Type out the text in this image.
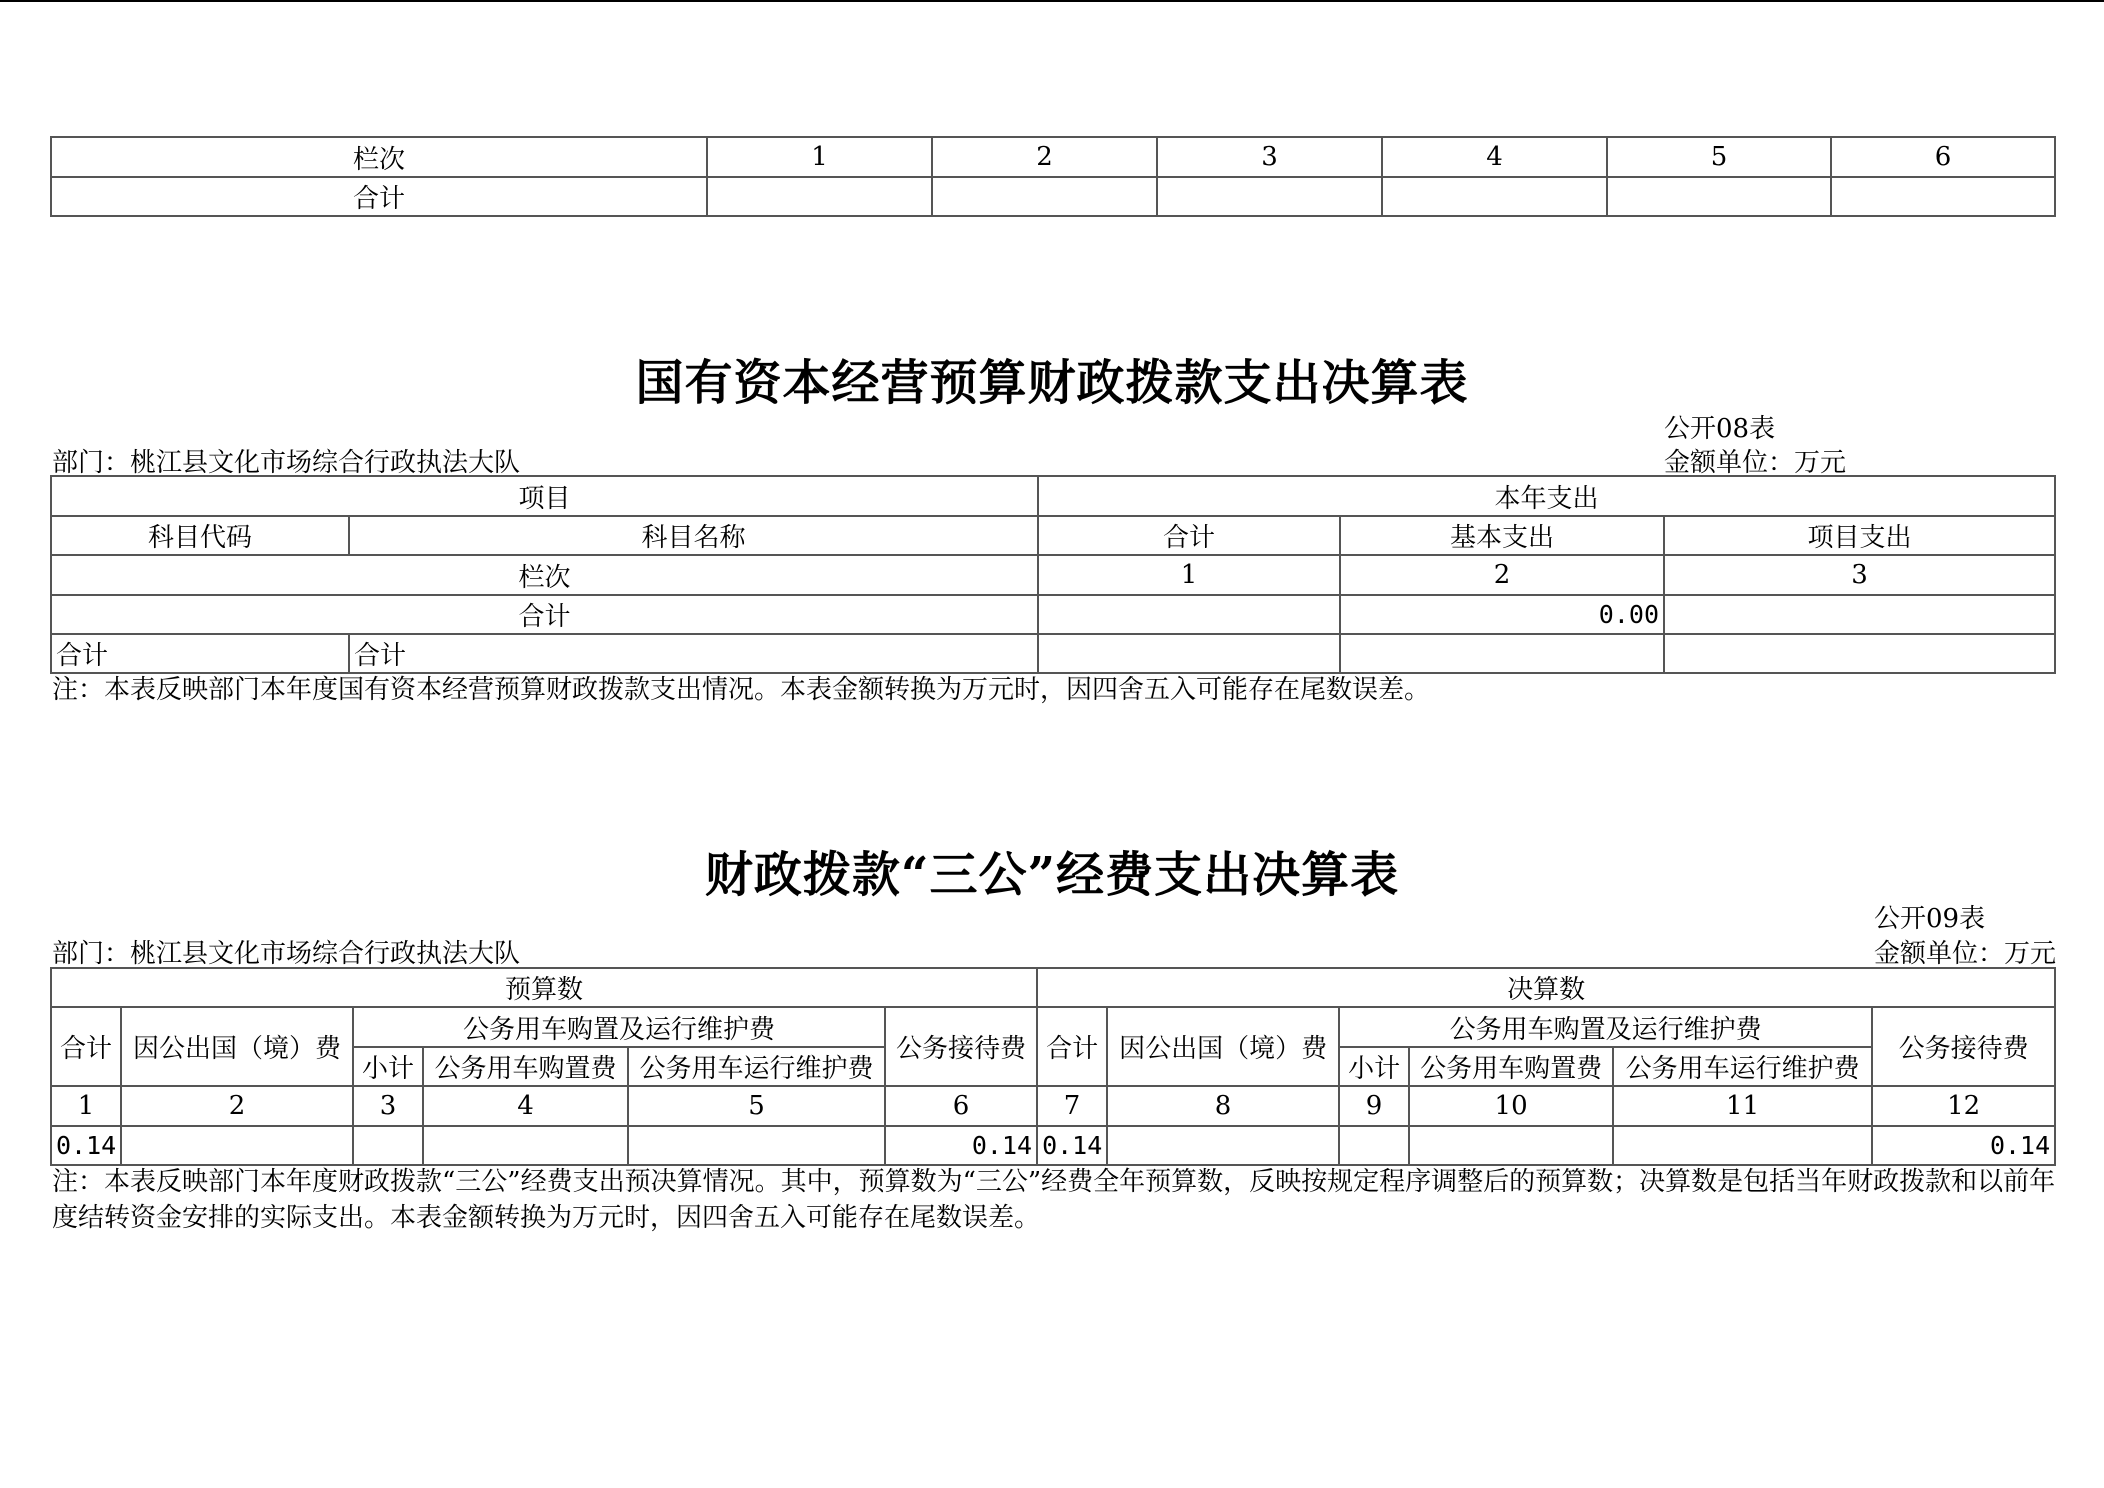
栏次	1	2	3	4	5	6
合计						
国有资本经营预算财政拨款支出决算表
公开08表
部门：桃江县文化市场综合行政执法大队	金额单位：万元
项目		本年支出		
科目代码	科目名称	合计	基本支出	项目支出
栏次		1	2	3
合计			0.00	
合计	合计			
注：本表反映部门本年度国有资本经营预算财政拨款支出情况。本表金额转换为万元时，因四舍五入可能存在尾数误差。
财政拨款“三公”经费支出决算表
公开09表
部门：桃江县文化市场综合行政执法大队	金额单位：万元
预算数						决算数					
合计	因公出国（境）费	公务用车购置及运行维护费			公务接待费	合计	因公出国（境）费	公务用车购置及运行维护费			公务接待费
		小计	公务用车购置费	公务用车运行维护费				小计	公务用车购置费	公务用车运行维护费	
1	2	3	4	5	6	7	8	9	10	11	12
0.14					0.14	0.14					0.14
注：本表反映部门本年度财政拨款“三公”经费支出预决算情况。其中，预算数为“三公”经费全年预算数，反映按规定程序调整后的预算数；决算数是包括当年财政拨款和以前年度结转资金安排的实际支出。本表金额转换为万元时，因四舍五入可能存在尾数误差。
